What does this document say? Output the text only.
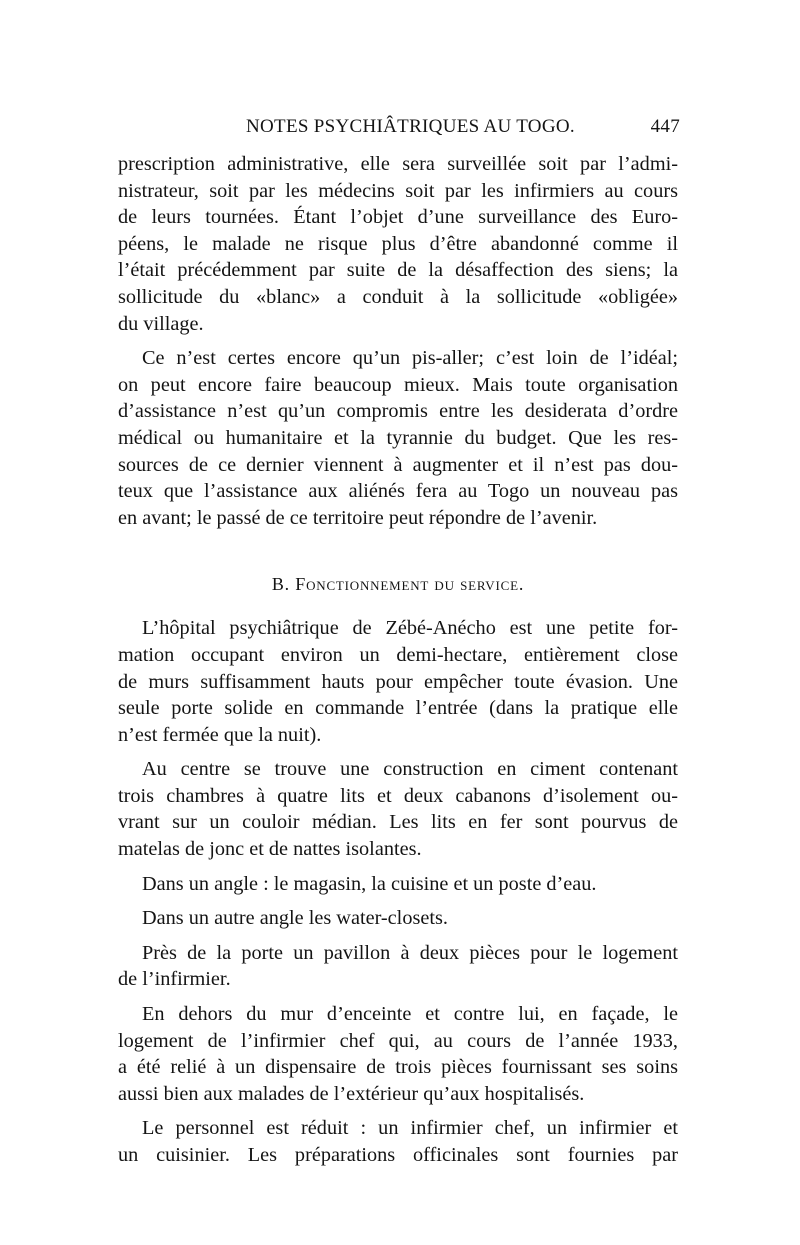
NOTES PSYCHIÂTRIQUES AU TOGO.	447
prescription administrative, elle sera surveillée soit par l’admi-
nistrateur, soit par les médecins soit par les infirmiers au cours
de leurs tournées. Étant l’objet d’une surveillance des Euro-
péens, le malade ne risque plus d’être abandonné comme il
l’était précédemment par suite de la désaffection des siens; la
sollicitude du «blanc» a conduit à la sollicitude «obligée»
du village.
Ce n’est certes encore qu’un pis-aller; c’est loin de l’idéal;
on peut encore faire beaucoup mieux. Mais toute organisation
d’assistance n’est qu’un compromis entre les desiderata d’ordre
médical ou humanitaire et la tyrannie du budget. Que les res-
sources de ce dernier viennent à augmenter et il n’est pas dou-
teux que l’assistance aux aliénés fera au Togo un nouveau pas
en avant; le passé de ce territoire peut répondre de l’avenir.
B. Fonctionnement du service.
L’hôpital psychiâtrique de Zébé-Anécho est une petite for-
mation occupant environ un demi-hectare, entièrement close
de murs suffisamment hauts pour empêcher toute évasion. Une
seule porte solide en commande l’entrée (dans la pratique elle
n’est fermée que la nuit).
Au centre se trouve une construction en ciment contenant
trois chambres à quatre lits et deux cabanons d’isolement ou-
vrant sur un couloir médian. Les lits en fer sont pourvus de
matelas de jonc et de nattes isolantes.
Dans un angle : le magasin, la cuisine et un poste d’eau.
Dans un autre angle les water-closets.
Près de la porte un pavillon à deux pièces pour le logement
de l’infirmier.
En dehors du mur d’enceinte et contre lui, en façade, le
logement de l’infirmier chef qui, au cours de l’année 1933,
a été relié à un dispensaire de trois pièces fournissant ses soins
aussi bien aux malades de l’extérieur qu’aux hospitalisés.
Le personnel est réduit : un infirmier chef, un infirmier et
un cuisinier. Les préparations officinales sont fournies par
